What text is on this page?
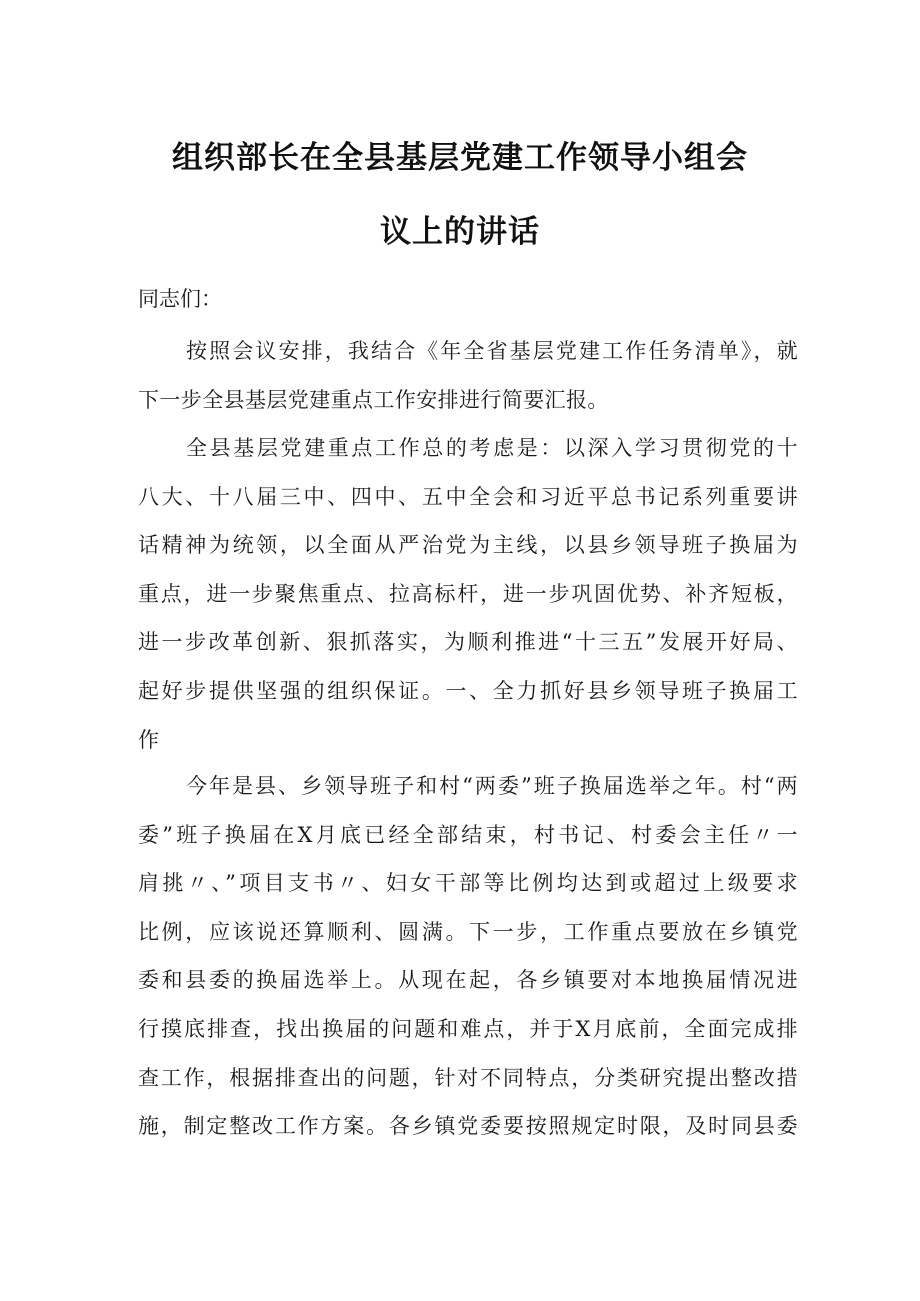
组织部长在全县基层党建工作领导小组会
议上的讲话
同志们：
按照会议安排，我结合《年全省基层党建工作任务清单》，就
下一步全县基层党建重点工作安排进行简要汇报。
全县基层党建重点工作总的考虑是：以深入学习贯彻党的十
八大、十八届三中、四中、五中全会和习近平总书记系列重要讲
话精神为统领，以全面从严治党为主线，以县乡领导班子换届为
重点，进一步聚焦重点、拉高标杆，进一步巩固优势、补齐短板，
进一步改革创新、狠抓落实，为顺利推进“十三五”发展开好局、
起好步提供坚强的组织保证。一、全力抓好县乡领导班子换届工
作
今年是县、乡领导班子和村“两委”班子换届选举之年。村“两
委”班子换届在X月底已经全部结束，村书记、村委会主任〃一
肩挑〃、”项目支书〃、妇女干部等比例均达到或超过上级要求
比例，应该说还算顺利、圆满。下一步，工作重点要放在乡镇党
委和县委的换届选举上。从现在起，各乡镇要对本地换届情况进
行摸底排查，找出换届的问题和难点，并于X月底前，全面完成排
查工作，根据排查出的问题，针对不同特点，分类研究提出整改措
施，制定整改工作方案。各乡镇党委要按照规定时限，及时同县委
